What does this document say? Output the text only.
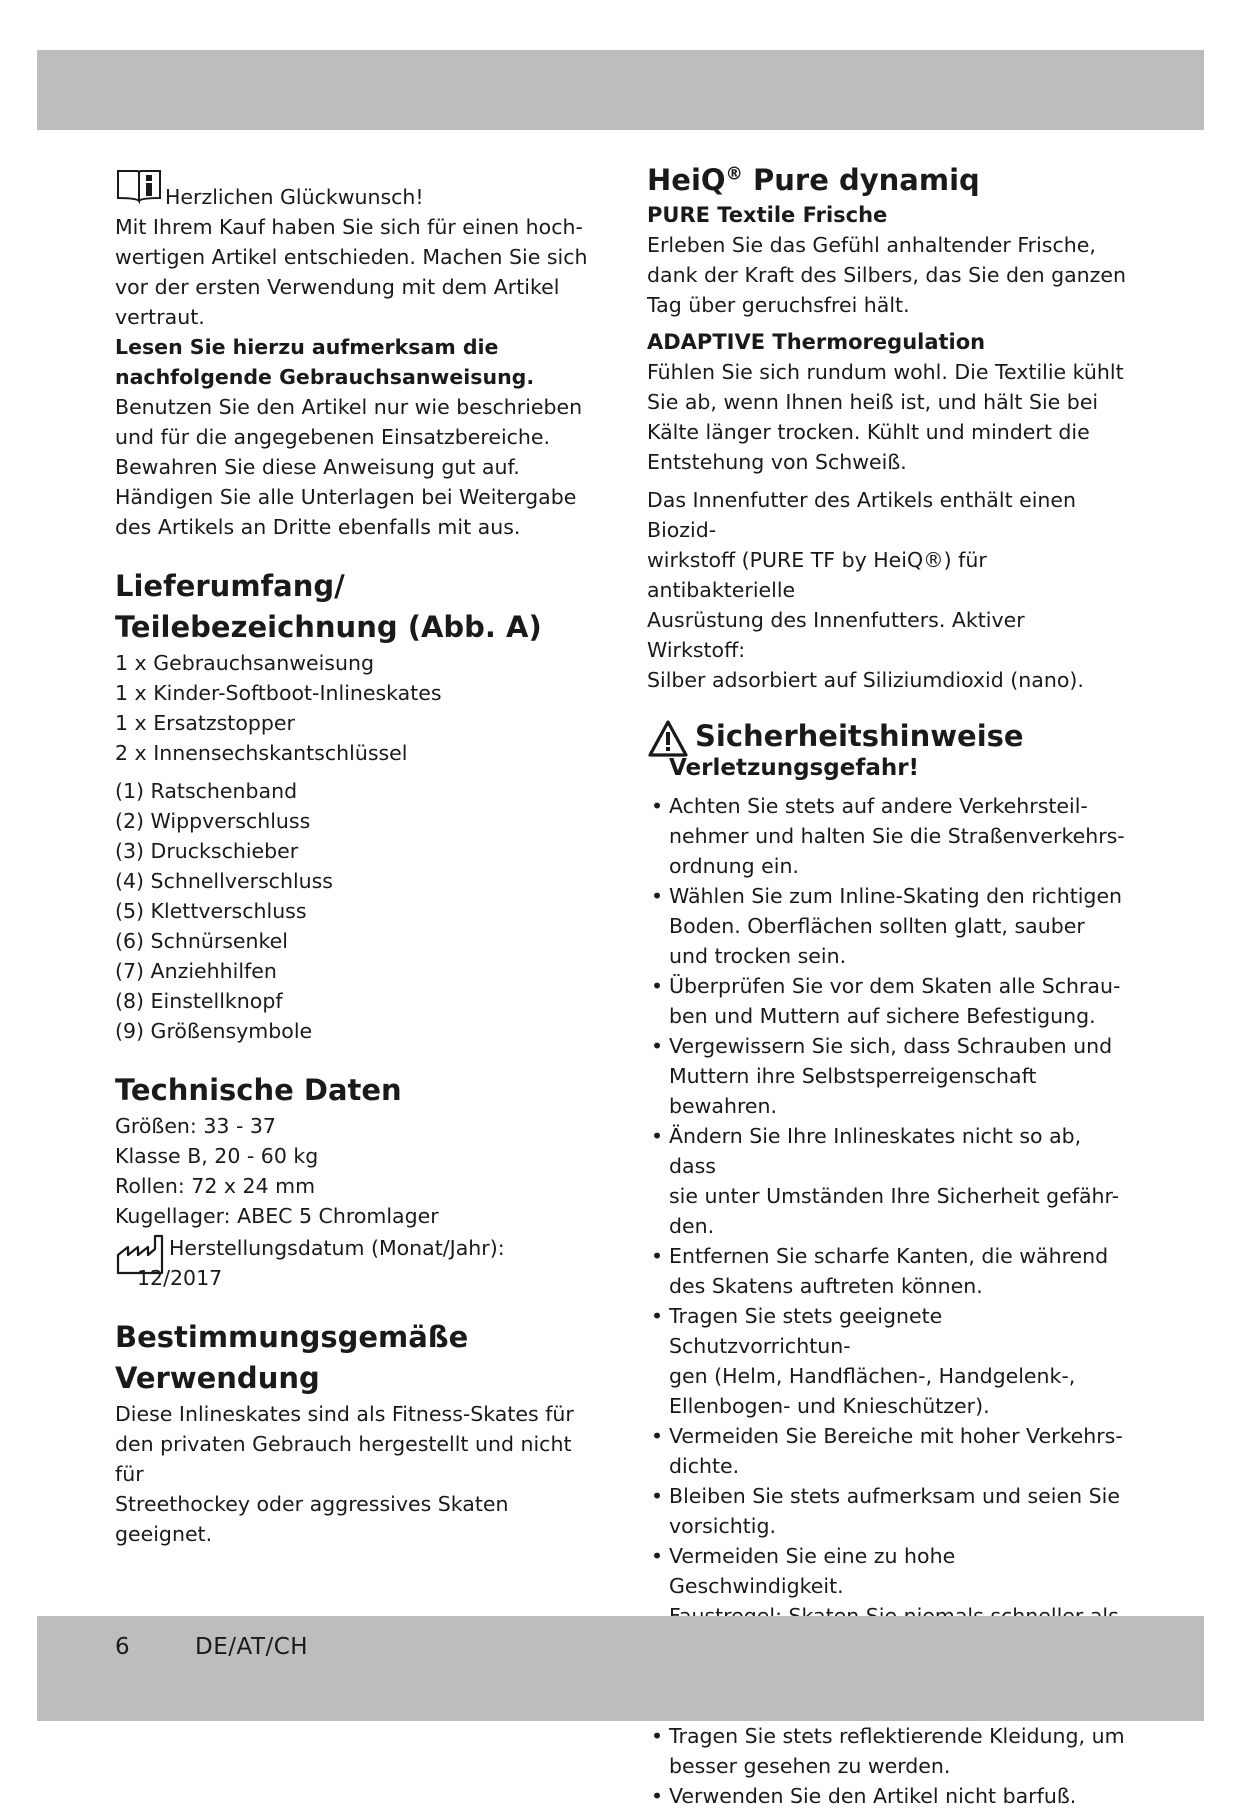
Herzlichen Glückwunsch!

Mit Ihrem Kauf haben Sie sich für einen hoch-

wertigen Artikel entschieden. Machen Sie sich

vor der ersten Verwendung mit dem Artikel

vertraut.

Lesen Sie hierzu aufmerksam die

nachfolgende Gebrauchsanweisung.

Benutzen Sie den Artikel nur wie beschrieben

und für die angegebenen Einsatzbereiche.

Bewahren Sie diese Anweisung gut auf.

Händigen Sie alle Unterlagen bei Weitergabe

des Artikels an Dritte ebenfalls mit aus.

Lieferumfang/
Teilebezeichnung (Abb. A)

1 x Gebrauchsanweisung

1 x Kinder-Softboot-Inlineskates

1 x Ersatzstopper

2 x Innensechskantschlüssel

(1) Ratschenband

(2) Wippverschluss

(3) Druckschieber

(4) Schnellverschluss

(5) Klettverschluss

(6) Schnürsenkel

(7) Anziehhilfen

(8) Einstellknopf

(9) Größensymbole

Technische Daten

Größen: 33 - 37

Klasse B, 20 - 60 kg

Rollen: 72 x 24 mm

Kugellager: ABEC 5 Chromlager

Herstellungsdatum (Monat/Jahr):

12/2017

Bestimmungsgemäße
Verwendung

Diese Inlineskates sind als Fitness-Skates für

den privaten Gebrauch hergestellt und nicht für

Streethockey oder aggressives Skaten geeignet.

HeiQ® Pure dynamiq
PURE Textile Frische

Erleben Sie das Gefühl anhaltender Frische,

dank der Kraft des Silbers, das Sie den ganzen

Tag über geruchsfrei hält.

ADAPTIVE Thermoregulation

Fühlen Sie sich rundum wohl. Die Textilie kühlt

Sie ab, wenn Ihnen heiß ist, und hält Sie bei

Kälte länger trocken. Kühlt und mindert die

Entstehung von Schweiß.

Das Innenfutter des Artikels enthält einen Biozid-

wirkstoff (PURE TF by HeiQ®) für antibakterielle

Ausrüstung des Innenfutters. Aktiver Wirkstoff:

Silber adsorbiert auf Siliziumdioxid (nano).

Sicherheitshinweise
Verletzungsgefahr!
• Achten Sie stets auf andere Verkehrsteil-
nehmer und halten Sie die Straßenverkehrs-
ordnung ein.
• Wählen Sie zum Inline-Skating den richtigen
Boden. Oberflächen sollten glatt, sauber
und trocken sein.
• Überprüfen Sie vor dem Skaten alle Schrau-
ben und Muttern auf sichere Befestigung.
• Vergewissern Sie sich, dass Schrauben und
Muttern ihre Selbstsperreigenschaft bewahren.
• Ändern Sie Ihre Inlineskates nicht so ab, dass
sie unter Umständen Ihre Sicherheit gefähr-
den.
• Entfernen Sie scharfe Kanten, die während
des Skatens auftreten können.
• Tragen Sie stets geeignete Schutzvorrichtun-
gen (Helm, Handflächen-, Handgelenk-,
Ellenbogen- und Knieschützer).
• Vermeiden Sie Bereiche mit hoher Verkehrs-
dichte.
• Bleiben Sie stets aufmerksam und seien Sie
vorsichtig.
• Vermeiden Sie eine zu hohe Geschwindigkeit.
•
• Tragen Sie stets reflektierende Kleidung, um
besser gesehen zu werden.
• Verwenden Sie den Artikel nicht barfuß.
6	DE/AT/CH
